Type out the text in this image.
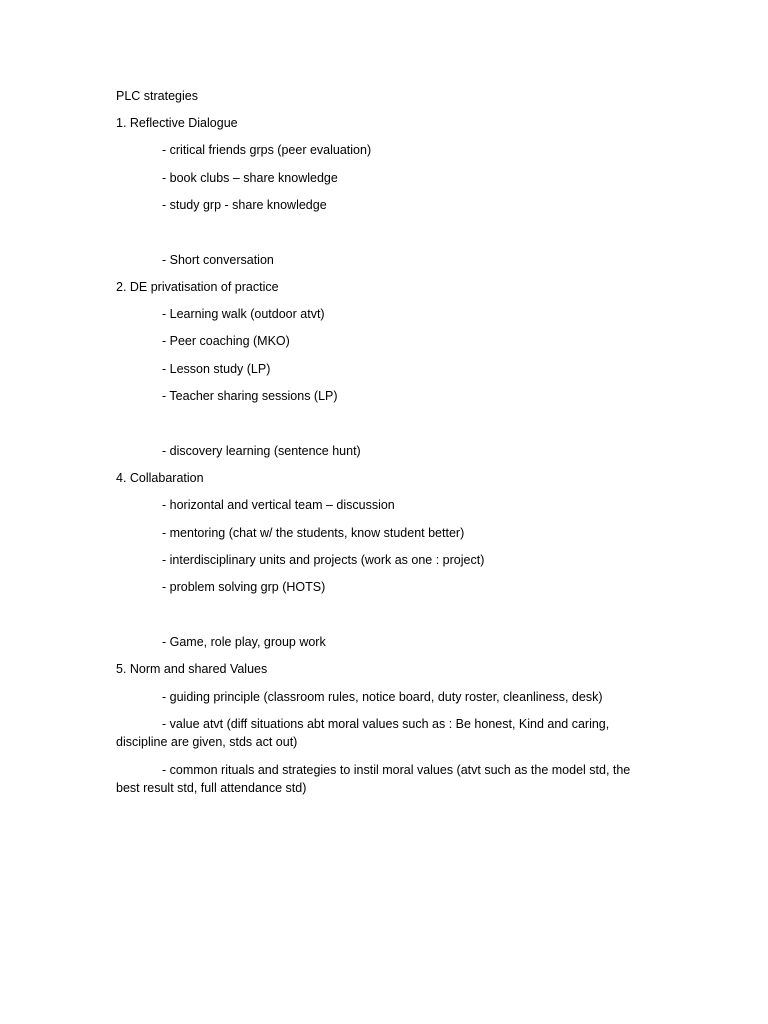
PLC strategies
1. Reflective Dialogue
- critical friends grps (peer evaluation)
- book clubs – share knowledge
- study grp - share knowledge
- Short conversation
2. DE privatisation of practice
- Learning walk (outdoor atvt)
- Peer coaching (MKO)
- Lesson study (LP)
- Teacher sharing sessions (LP)
- discovery learning (sentence hunt)
4. Collabaration
- horizontal and vertical team – discussion
- mentoring (chat w/ the students, know student better)
- interdisciplinary units and projects (work as one : project)
- problem solving grp (HOTS)
- Game, role play, group work
5. Norm and shared Values
- guiding principle (classroom rules, notice board, duty roster, cleanliness, desk)
- value atvt (diff situations abt moral values such as : Be honest, Kind and caring, discipline are given, stds act out)
- common rituals and strategies to instil moral values (atvt such as the model std, the best result std, full attendance std)
